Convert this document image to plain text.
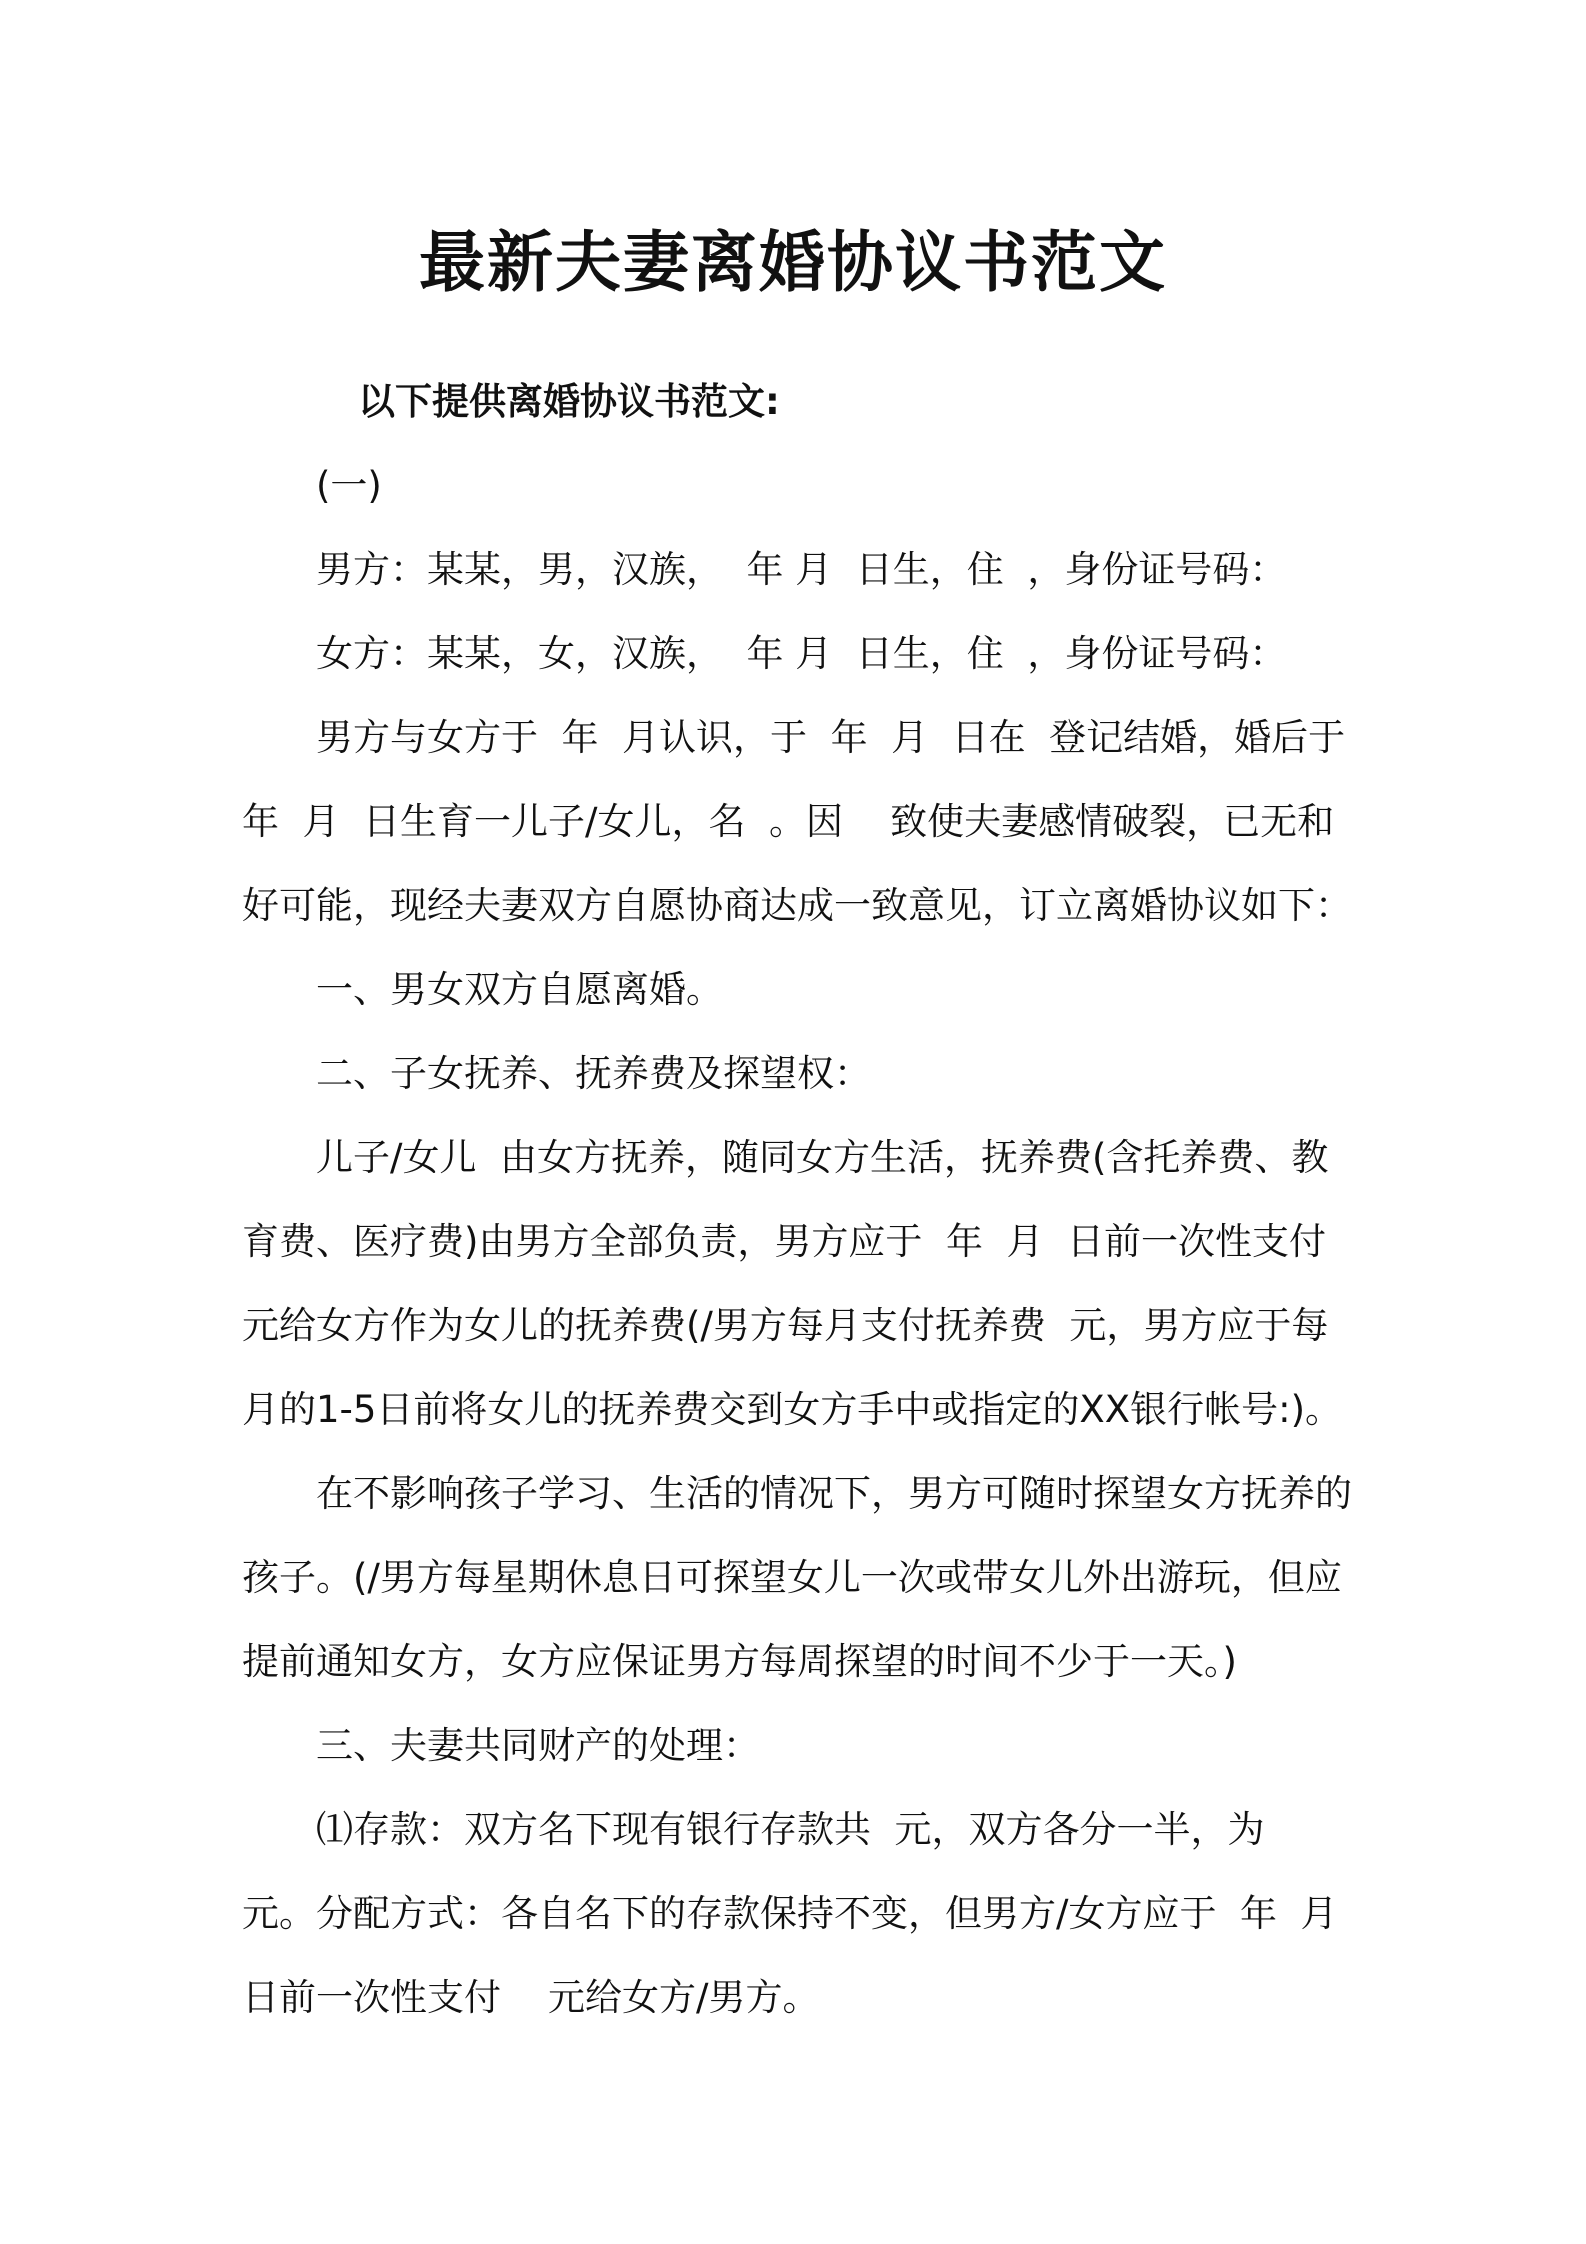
最新夫妻离婚协议书范文

以下提供离婚协议书范文:

(一)

男方：某某，男，汉族，  年 月  日生，住  ，身份证号码：

女方：某某，女，汉族，  年 月  日生，住  ，身份证号码：

男方与女方于  年  月认识，于  年  月  日在  登记结婚，婚后于  年  月  日生育一儿子/女儿，名  。因    致使夫妻感情破裂，已无和好可能，现经夫妻双方自愿协商达成一致意见，订立离婚协议如下：

一、男女双方自愿离婚。

二、子女抚养、抚养费及探望权：

儿子/女儿  由女方抚养，随同女方生活，抚养费(含托养费、教育费、医疗费)由男方全部负责，男方应于  年  月  日前一次性支付  元给女方作为女儿的抚养费(/男方每月支付抚养费  元，男方应于每月的1-5日前将女儿的抚养费交到女方手中或指定的XX银行帐号:)。

在不影响孩子学习、生活的情况下，男方可随时探望女方抚养的孩子。(/男方每星期休息日可探望女儿一次或带女儿外出游玩，但应提前通知女方，女方应保证男方每周探望的时间不少于一天。)

三、夫妻共同财产的处理：

⑴存款：双方名下现有银行存款共  元，双方各分一半，为  元。分配方式：各自名下的存款保持不变，但男方/女方应于  年  月  日前一次性支付    元给女方/男方。
